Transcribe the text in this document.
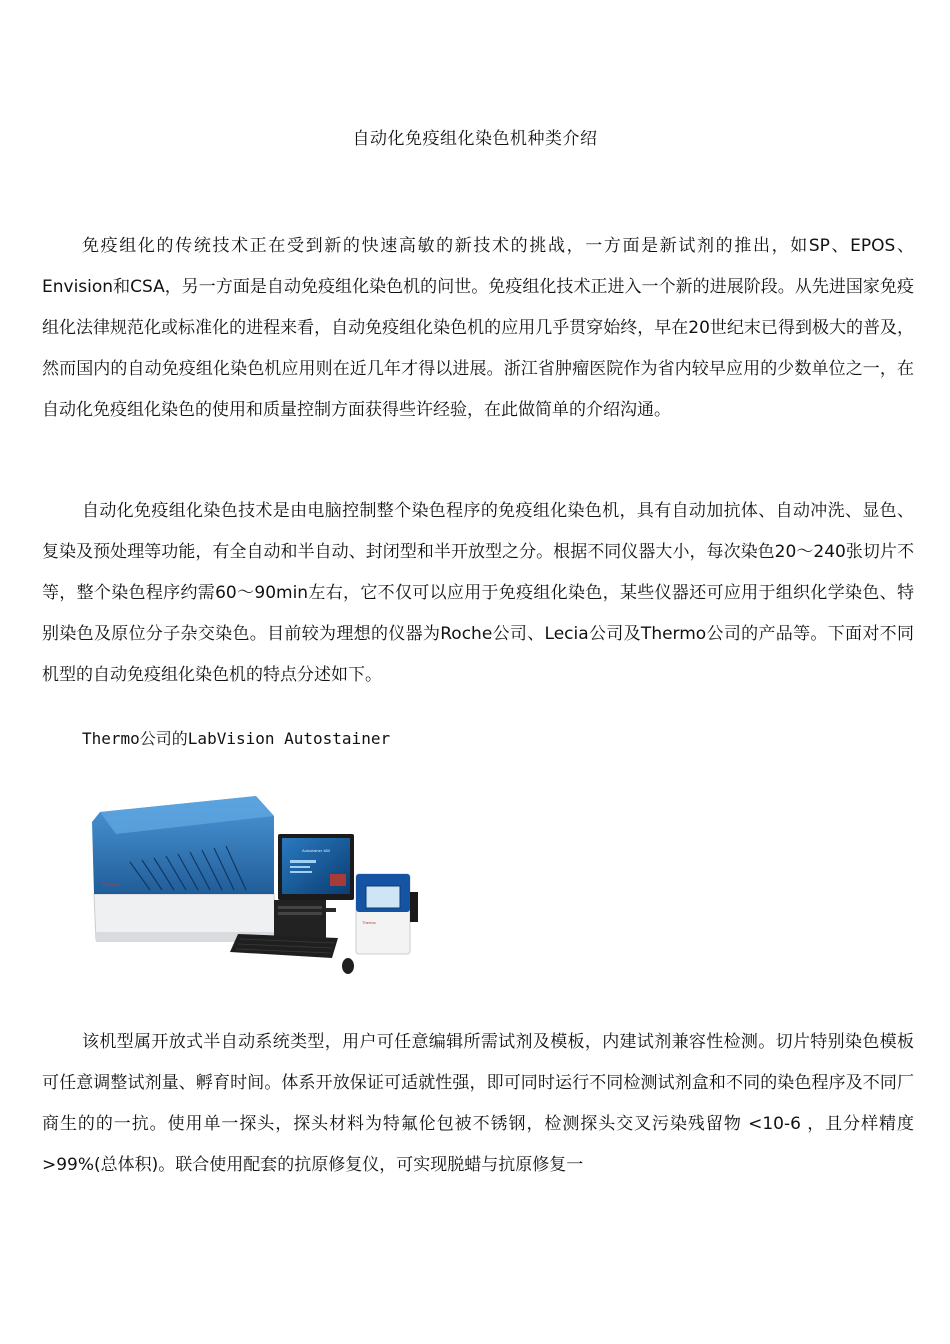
自动化免疫组化染色机种类介绍

免疫组化的传统技术正在受到新的快速高敏的新技术的挑战，一方面是新试剂的推出，如SP、EPOS、Envision和CSA，另一方面是自动免疫组化染色机的问世。免疫组化技术正进入一个新的进展阶段。从先进国家免疫组化法律规范化或标准化的进程来看，自动免疫组化染色机的应用几乎贯穿始终，早在20世纪末已得到极大的普及，然而国内的自动免疫组化染色机应用则在近几年才得以进展。浙江省肿瘤医院作为省内较早应用的少数单位之一，在自动化免疫组化染色的使用和质量控制方面获得些许经验，在此做简单的介绍沟通。

自动化免疫组化染色技术是由电脑控制整个染色程序的免疫组化染色机，具有自动加抗体、自动冲洗、显色、复染及预处理等功能，有全自动和半自动、封闭型和半开放型之分。根据不同仪器大小，每次染色20～240张切片不等，整个染色程序约需60～90min左右，它不仅可以应用于免疫组化染色，某些仪器还可应用于组织化学染色、特别染色及原位分子杂交染色。目前较为理想的仪器为Roche公司、Lecia公司及Thermo公司的产品等。下面对不同机型的自动免疫组化染色机的特点分述如下。

Thermo公司的LabVision Autostainer
Thermo
Autostainer 480
Thermo

该机型属开放式半自动系统类型，用户可任意编辑所需试剂及模板，内建试剂兼容性检测。切片特别染色模板可任意调整试剂量、孵育时间。体系开放保证可适就性强，即可同时运行不同检测试剂盒和不同的染色程序及不同厂商生的的一抗。使用单一探头，探头材料为特氟伦包被不锈钢，检测探头交叉污染残留物 <10-6 ，且分样精度>99%(总体积)。联合使用配套的抗原修复仪，可实现脱蜡与抗原修复一
